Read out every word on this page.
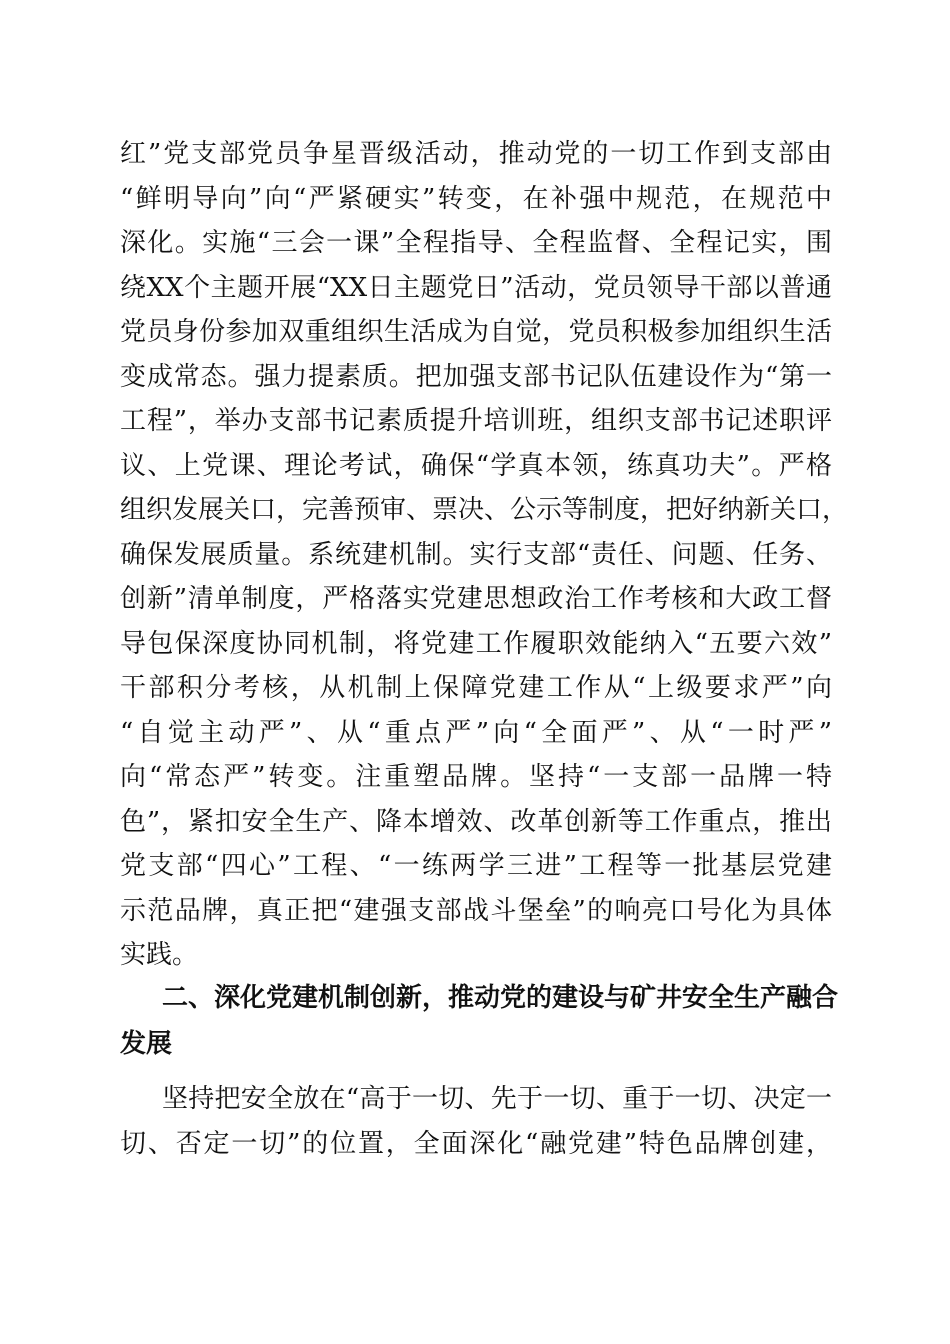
红”党支部党员争星晋级活动，推动党的一切工作到支部由
“鲜明导向”向“严紧硬实”转变，在补强中规范，在规范中
深化。实施“三会一课”全程指导、全程监督、全程记实，围
绕XX个主题开展“XX日主题党日”活动，党员领导干部以普通
党员身份参加双重组织生活成为自觉，党员积极参加组织生活
变成常态。强力提素质。把加强支部书记队伍建设作为“第一
工程”，举办支部书记素质提升培训班，组织支部书记述职评
议、上党课、理论考试，确保“学真本领，练真功夫”。严格
组织发展关口，完善预审、票决、公示等制度，把好纳新关口，
确保发展质量。系统建机制。实行支部“责任、问题、任务、
创新”清单制度，严格落实党建思想政治工作考核和大政工督
导包保深度协同机制，将党建工作履职效能纳入“五要六效”
干部积分考核，从机制上保障党建工作从“上级要求严”向
“自觉主动严”、从“重点严”向“全面严”、从“一时严”
向“常态严”转变。注重塑品牌。坚持“一支部一品牌一特
色”，紧扣安全生产、降本增效、改革创新等工作重点，推出
党支部“四心”工程、“一练两学三进”工程等一批基层党建
示范品牌，真正把“建强支部战斗堡垒”的响亮口号化为具体
实践。
二、深化党建机制创新，推动党的建设与矿井安全生产融合
发展
坚持把安全放在“高于一切、先于一切、重于一切、决定一
切、否定一切”的位置，全面深化“融党建”特色品牌创建，
